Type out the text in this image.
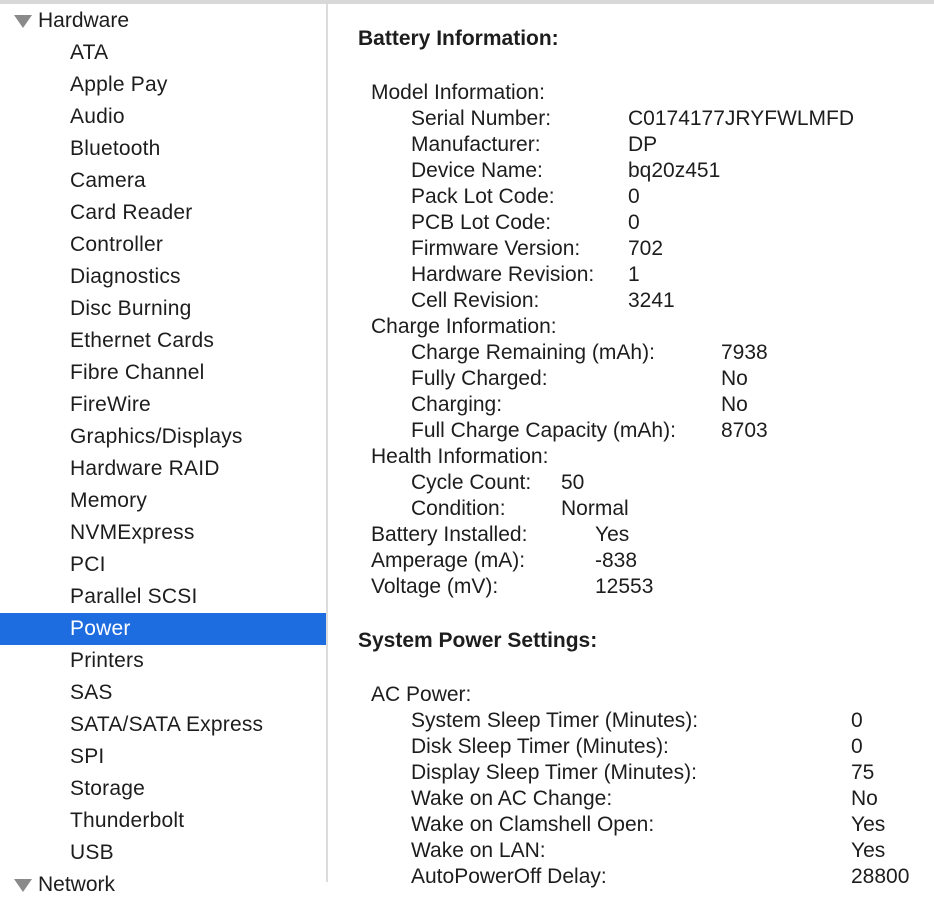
Hardware
ATA
Apple Pay
Audio
Bluetooth
Camera
Card Reader
Controller
Diagnostics
Disc Burning
Ethernet Cards
Fibre Channel
FireWire
Graphics/Displays
Hardware RAID
Memory
NVMExpress
PCI
Parallel SCSI
Power
Printers
SAS
SATA/SATA Express
SPI
Storage
Thunderbolt
USB
Network
Battery Information:
Model Information:
Serial Number:	C0174177JRYFWLMFD
Manufacturer:	DP
Device Name:	bq20z451
Pack Lot Code:	0
PCB Lot Code:	0
Firmware Version: 702
Hardware Revision: 1
Cell Revision:	3241
Charge Information:
Charge Remaining (mAh):	7938
Fully Charged:	No
Charging:	No
Full Charge Capacity (mAh): 8703
Health Information:
Cycle Count: 50
Condition:	Normal
Battery Installed:	Yes
Amperage (mA):	-838
Voltage (mV):	12553
System Power Settings:
AC Power:
System Sleep Timer (Minutes):	0
Disk Sleep Timer (Minutes):	0
Display Sleep Timer (Minutes):	75
Wake on AC Change:	No
Wake on Clamshell Open:	Yes
Wake on LAN:	Yes
AutoPowerOff Delay:	28800
